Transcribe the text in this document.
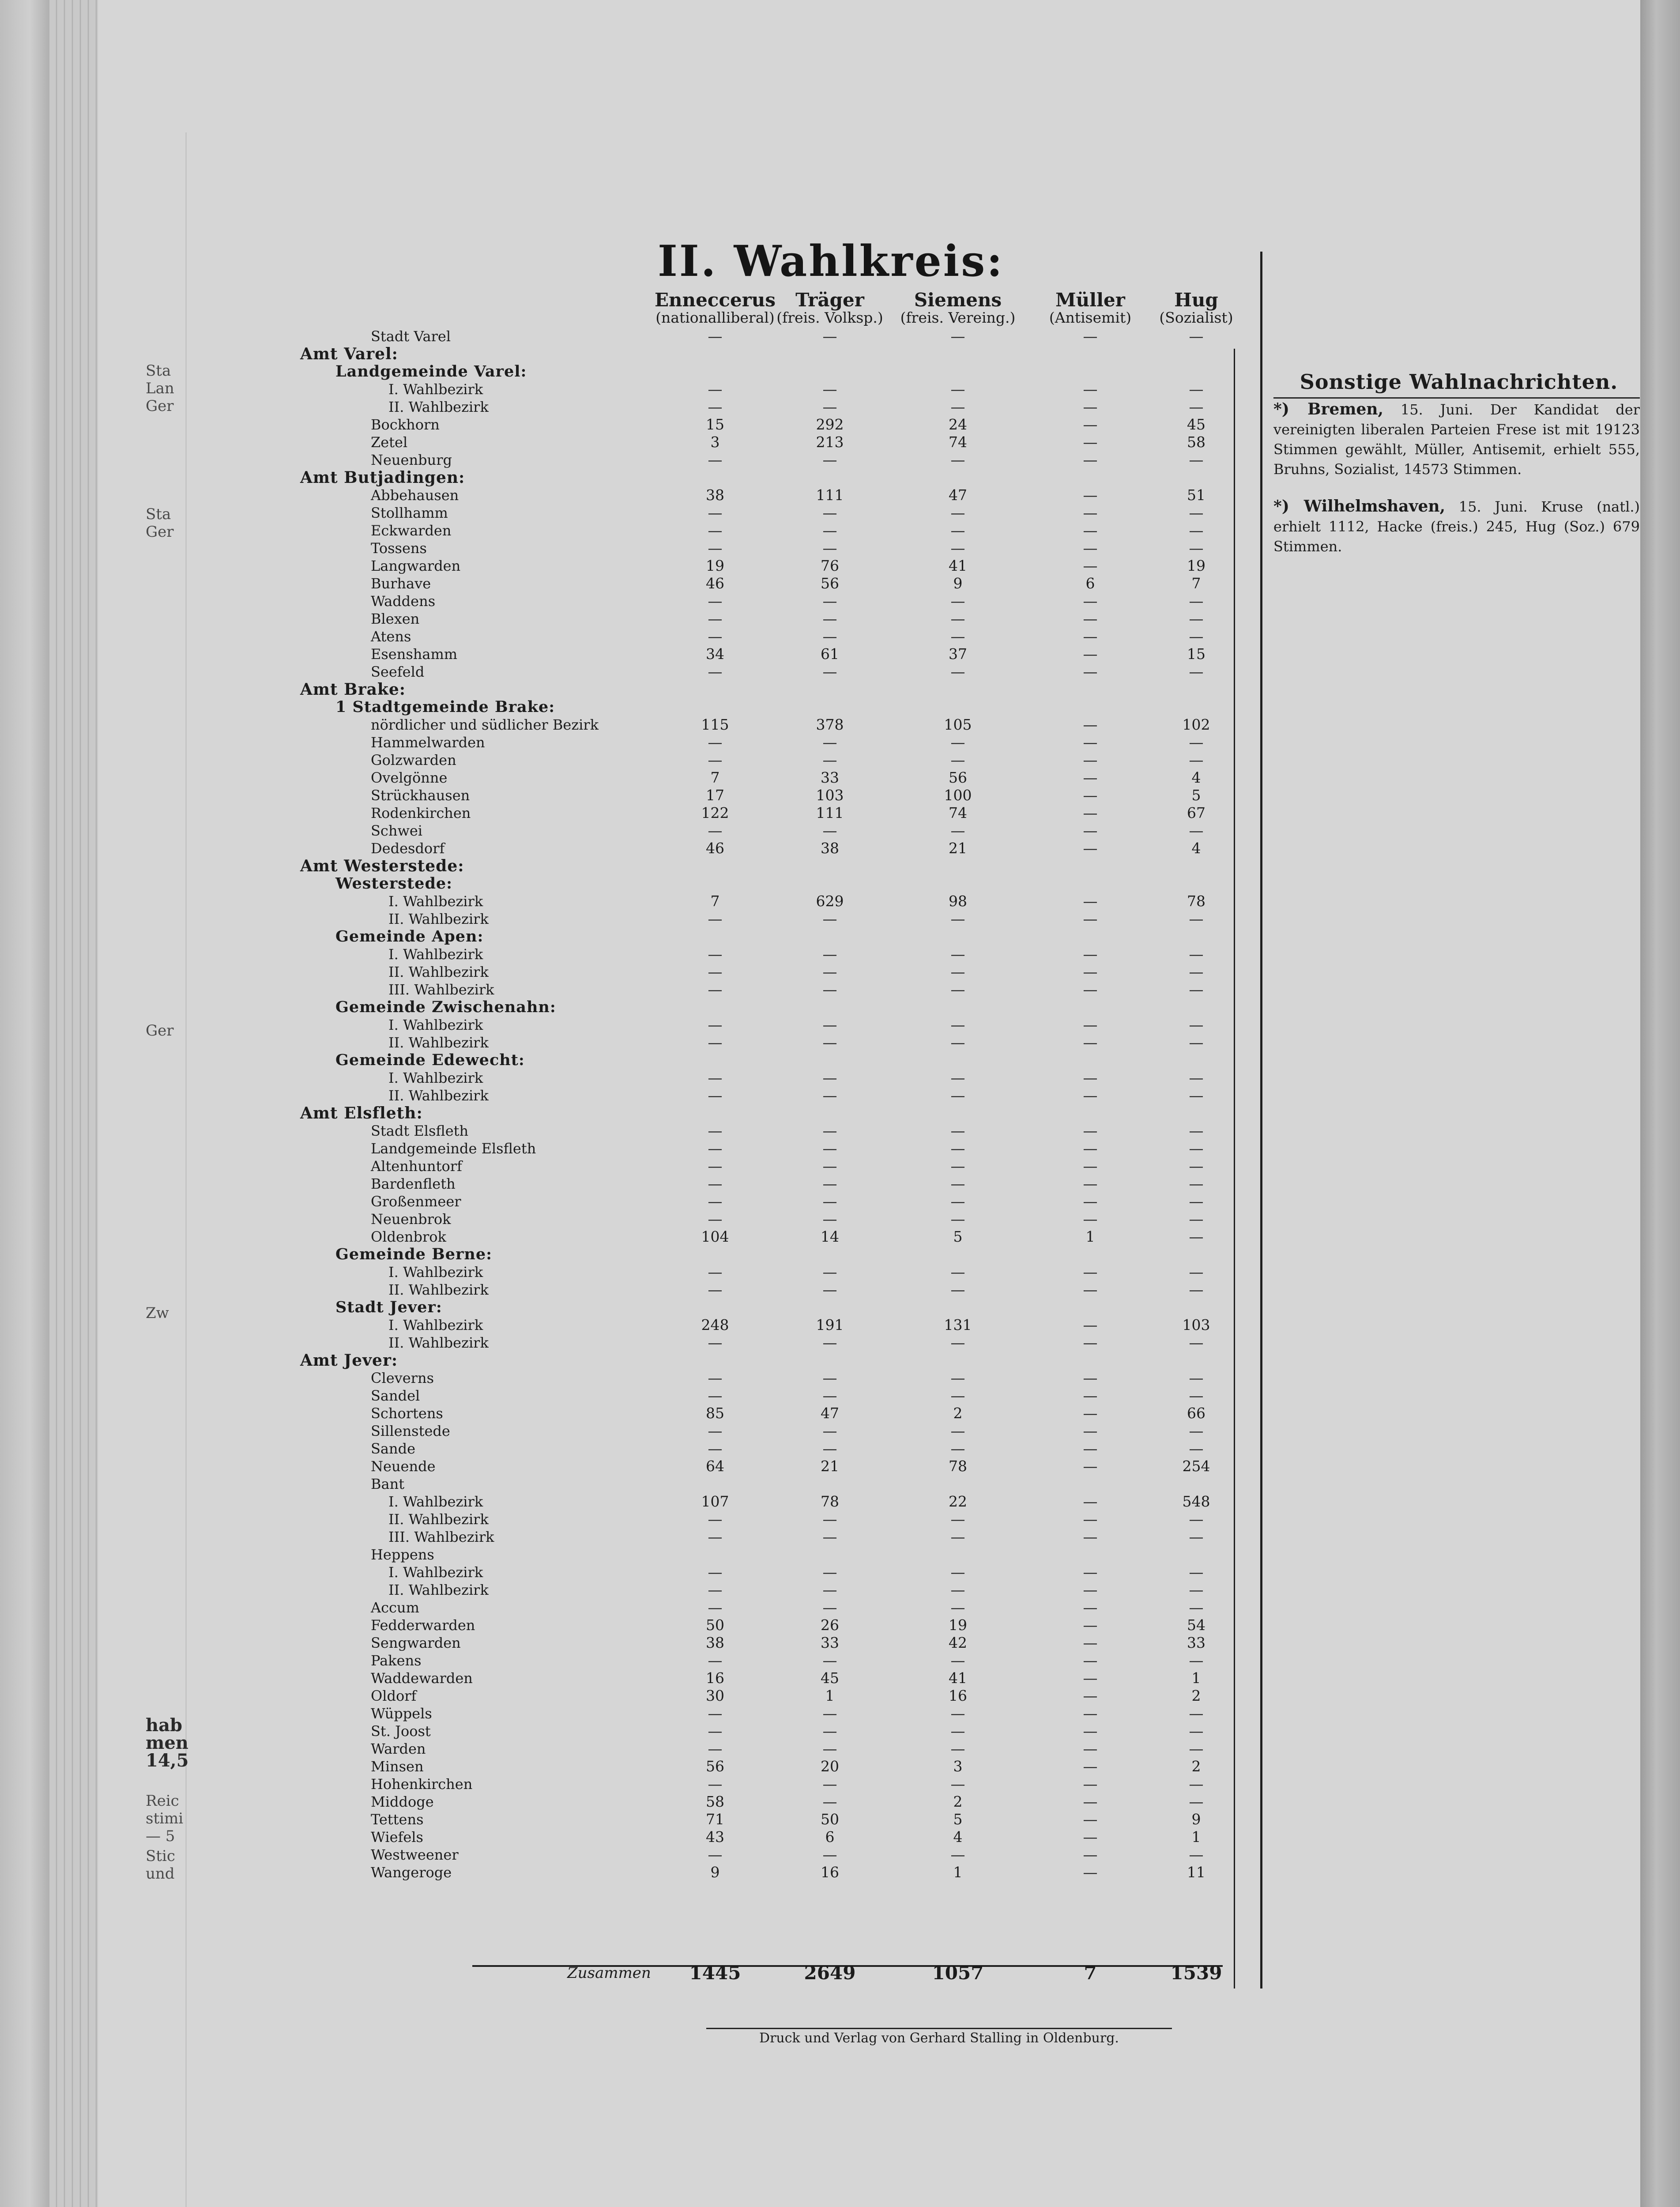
Sta
Lan
Ger
Sta
Ger
Ger
Zw
hab
men
14,5
Reic
stimi
— 5
Stic
und
II. Wahlkreis:
Enneccerus
(nationalliberal)
Träger
(freis. Volksp.)
Siemens
(freis. Vereing.)
Müller
(Antisemit)
Hug
(Sozialist)
Stadt Varel	—	—	—	—	—
Amt Varel:
Landgemeinde Varel:
I. Wahlbezirk	—	—	—	—	—
II. Wahlbezirk	—	—	—	—	—
Bockhorn	15	292	24	—	45
Zetel	3	213	74	—	58
Neuenburg	—	—	—	—	—
Amt Butjadingen:
Abbehausen	38	111	47	—	51
Stollhamm	—	—	—	—	—
Eckwarden	—	—	—	—	—
Tossens	—	—	—	—	—
Langwarden	19	76	41	—	19
Burhave	46	56	9	6	7
Waddens	—	—	—	—	—
Blexen	—	—	—	—	—
Atens	—	—	—	—	—
Esenshamm	34	61	37	—	15
Seefeld	—	—	—	—	—
Amt Brake:
1 Stadtgemeinde Brake:
nördlicher und südlicher Bezirk	115	378	105	—	102
Hammelwarden	—	—	—	—	—
Golzwarden	—	—	—	—	—
Ovelgönne	7	33	56	—	4
Strückhausen	17	103	100	—	5
Rodenkirchen	122	111	74	—	67
Schwei	—	—	—	—	—
Dedesdorf	46	38	21	—	4
Amt Westerstede:
Westerstede:
I. Wahlbezirk	7	629	98	—	78
II. Wahlbezirk	—	—	—	—	—
Gemeinde Apen:
I. Wahlbezirk	—	—	—	—	—
II. Wahlbezirk	—	—	—	—	—
III. Wahlbezirk	—	—	—	—	—
Gemeinde Zwischenahn:
I. Wahlbezirk	—	—	—	—	—
II. Wahlbezirk	—	—	—	—	—
Gemeinde Edewecht:
I. Wahlbezirk	—	—	—	—	—
II. Wahlbezirk	—	—	—	—	—
Amt Elsfleth:
Stadt Elsfleth	—	—	—	—	—
Landgemeinde Elsfleth	—	—	—	—	—
Altenhuntorf	—	—	—	—	—
Bardenfleth	—	—	—	—	—
Großenmeer	—	—	—	—	—
Neuenbrok	—	—	—	—	—
Oldenbrok	104	14	5	1	—
Gemeinde Berne:
I. Wahlbezirk	—	—	—	—	—
II. Wahlbezirk	—	—	—	—	—
Stadt Jever:
I. Wahlbezirk	248	191	131	—	103
II. Wahlbezirk	—	—	—	—	—
Amt Jever:
Cleverns	—	—	—	—	—
Sandel	—	—	—	—	—
Schortens	85	47	2	—	66
Sillenstede	—	—	—	—	—
Sande	—	—	—	—	—
Neuende	64	21	78	—	254
Bant
I. Wahlbezirk	107	78	22	—	548
II. Wahlbezirk	—	—	—	—	—
III. Wahlbezirk	—	—	—	—	—
Heppens
I. Wahlbezirk	—	—	—	—	—
II. Wahlbezirk	—	—	—	—	—
Accum	—	—	—	—	—
Fedderwarden	50	26	19	—	54
Sengwarden	38	33	42	—	33
Pakens	—	—	—	—	—
Waddewarden	16	45	41	—	1
Oldorf	30	1	16	—	2
Wüppels	—	—	—	—	—
St. Joost	—	—	—	—	—
Warden	—	—	—	—	—
Minsen	56	20	3	—	2
Hohenkirchen	—	—	—	—	—
Middoge	58	—	2	—	—
Tettens	71	50	5	—	9
Wiefels	43	6	4	—	1
Westweener	—	—	—	—	—
Wangeroge	9	16	1	—	11
Zusammen	1445	2649	1057	7	1539
Sonstige Wahlnachrichten.
*) Bremen, 15. Juni. Der Kandidat der vereinigten liberalen Parteien Frese ist mit 19123 Stimmen gewählt, Müller, Antisemit, erhielt 555, Bruhns, Sozialist, 14573 Stimmen.
*) Wilhelmshaven, 15. Juni. Kruse (natl.) erhielt 1112, Hacke (freis.) 245, Hug (Soz.) 679 Stimmen.
Druck und Verlag von Gerhard Stalling in Oldenburg.
